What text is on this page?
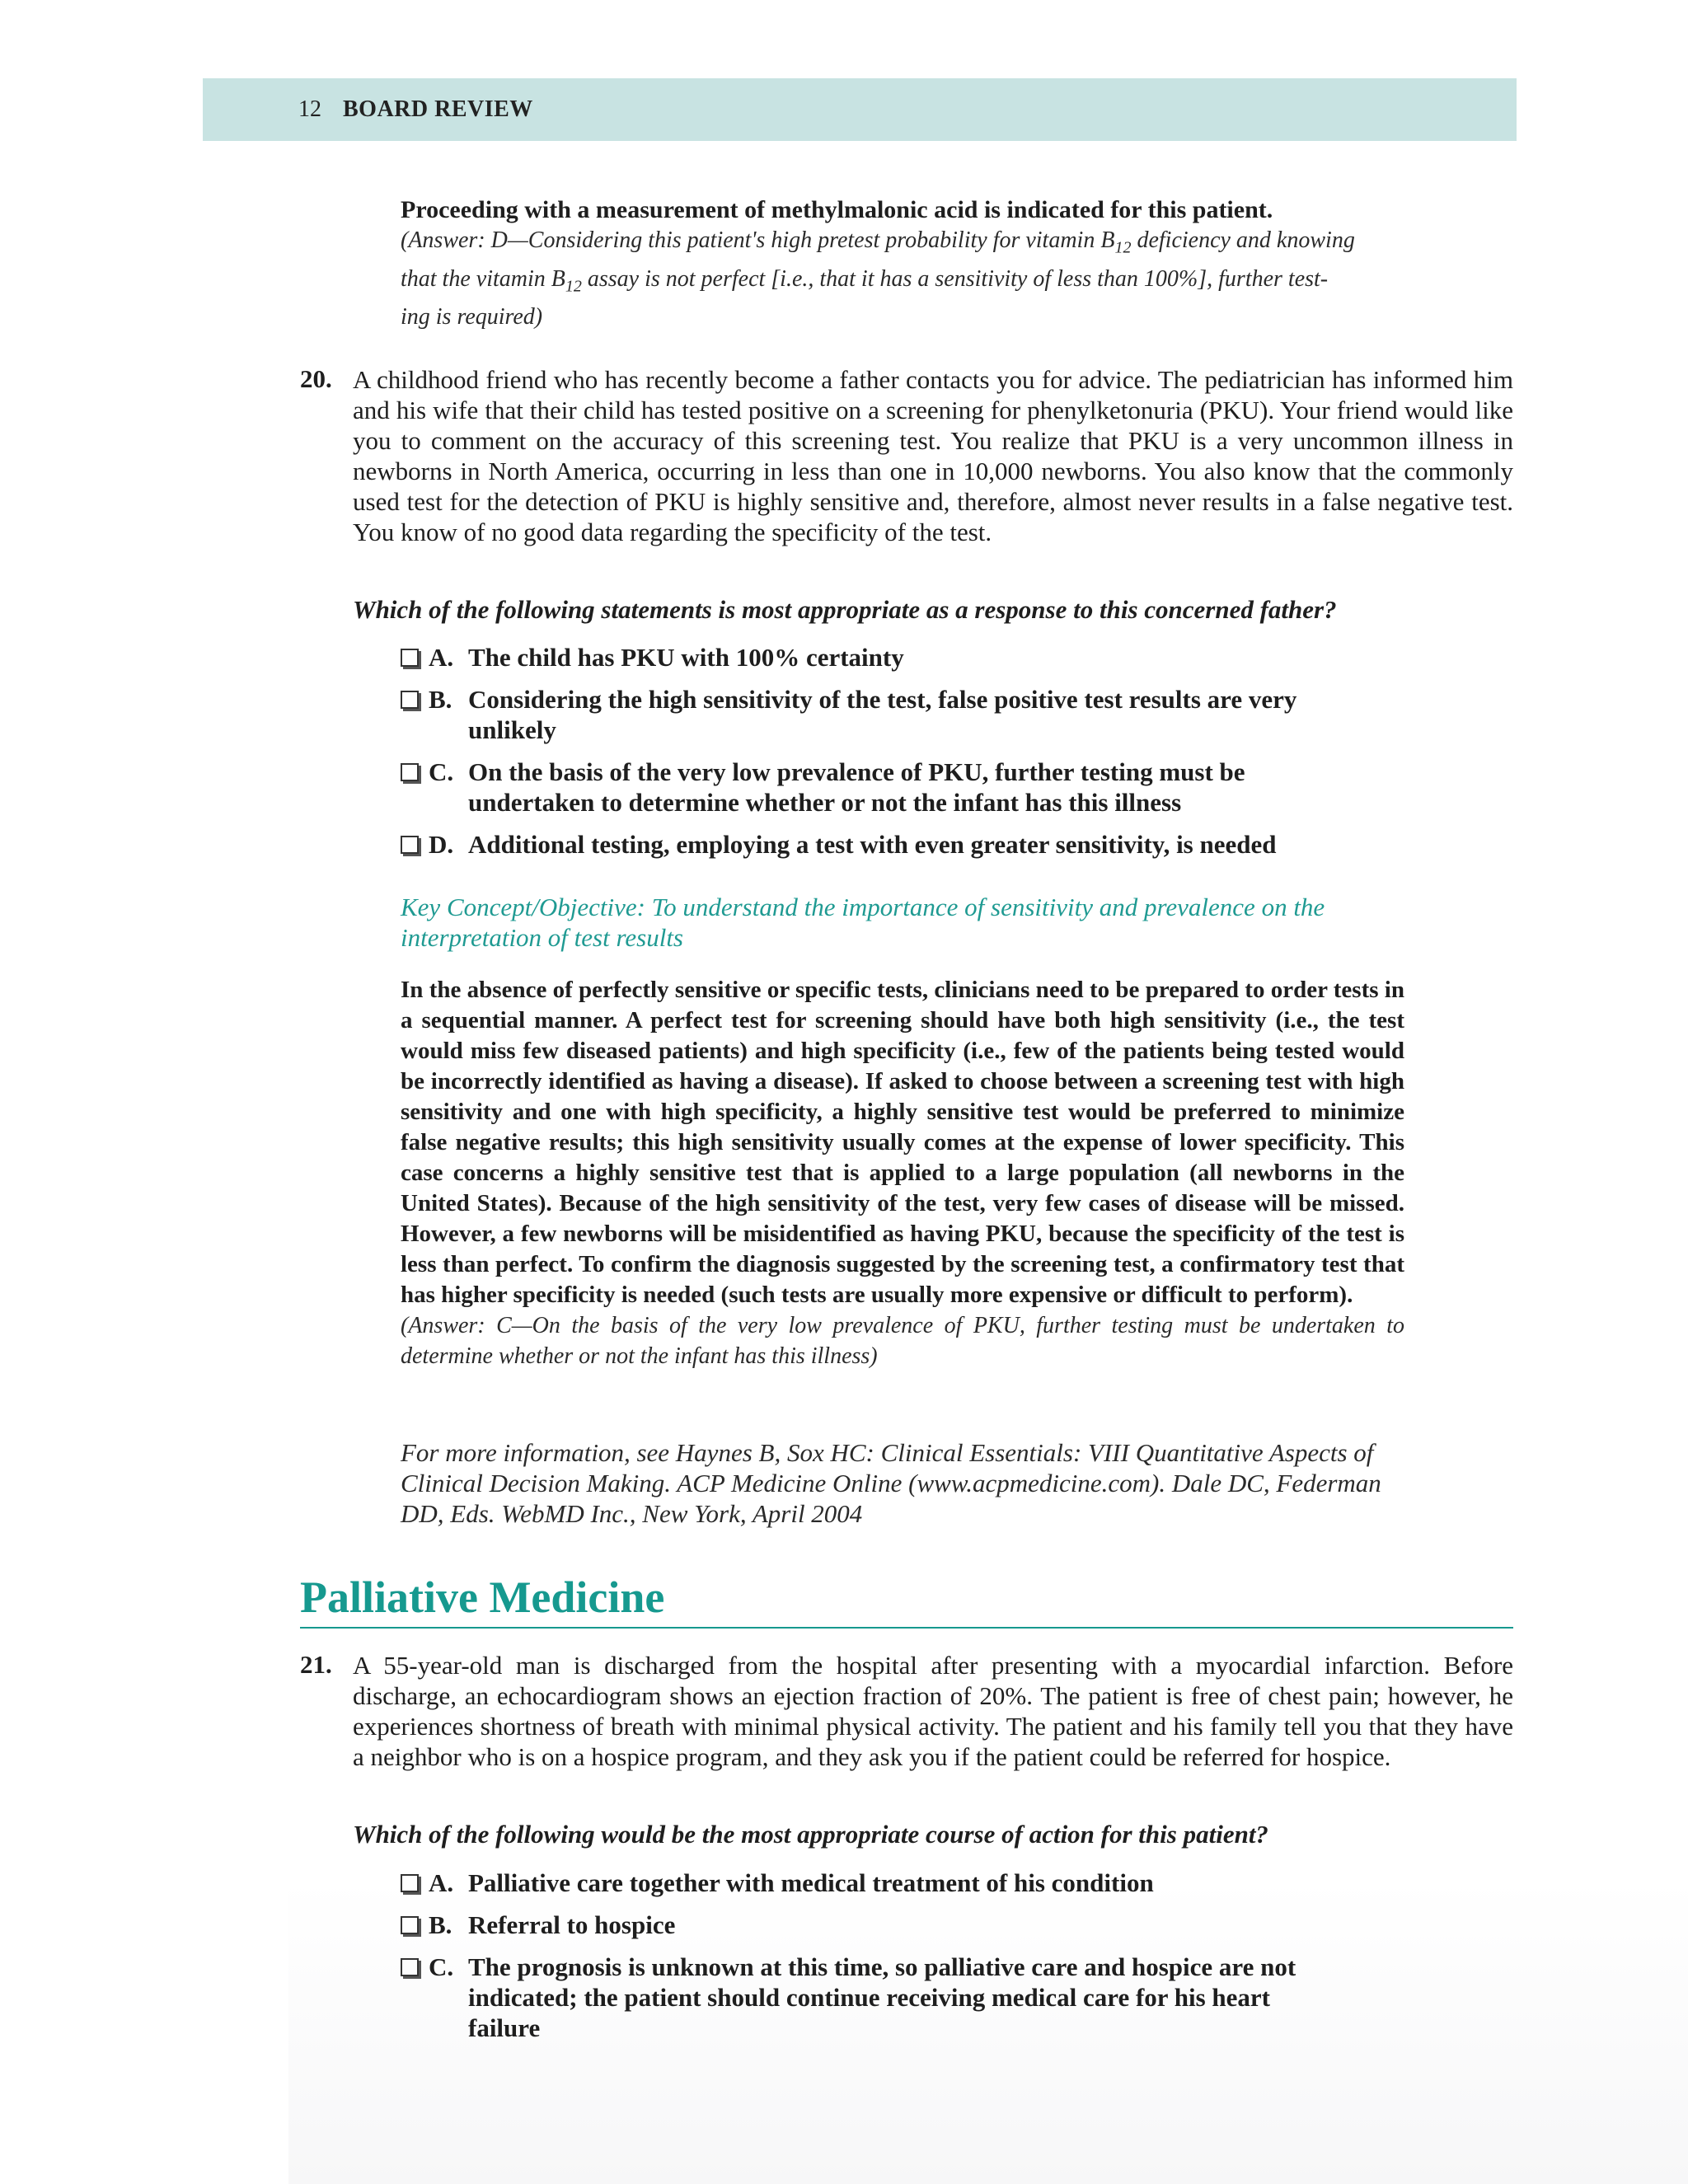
12 BOARD REVIEW

Proceeding with a measurement of methylmalonic acid is indicated for this patient.

(Answer: D—Considering this patient's high pretest probability for vitamin $B_{12}$ deficiency and knowing
that the vitamin $B_{12}$ assay is not perfect [i.e., that it has a sensitivity of less than 100%], further test-
ing is required)
20. A childhood friend who has recently become a father contacts you for advice. The pediatrician has informed him and his wife that their child has tested positive on a screening for phenylketonuria (PKU). Your friend would like you to comment on the accuracy of this screening test. You realize that PKU is a very uncommon illness in newborns in North America, occurring in less than one in 10,000 newborns. You also know that the commonly used test for the detection of PKU is highly sensitive and, therefore, almost never results in a false negative test. You know of no good data regarding the specificity of the test.

Which of the following statements is most appropriate as a response to this concerned father?
A. The child has PKU with 100% certainty
B. Considering the high sensitivity of the test, false positive test results are very unlikely
C. On the basis of the very low prevalence of PKU, further testing must be undertaken to determine whether or not the infant has this illness
D. Additional testing, employing a test with even greater sensitivity, is needed

Key Concept/Objective: To understand the importance of sensitivity and prevalence on the interpretation of test results

In the absence of perfectly sensitive or specific tests, clinicians need to be prepared to order tests in a sequential manner. A perfect test for screening should have both high sensitivity (i.e., the test would miss few diseased patients) and high specificity (i.e., few of the patients being tested would be incorrectly identified as having a disease). If asked to choose between a screening test with high sensitivity and one with high specificity, a highly sensitive test would be preferred to minimize false negative results; this high sensitivity usually comes at the expense of lower specificity. This case concerns a highly sensitive test that is applied to a large population (all newborns in the United States). Because of the high sensitivity of the test, very few cases of disease will be missed. However, a few newborns will be misidentified as having PKU, because the specificity of the test is less than perfect. To confirm the diagnosis suggested by the screening test, a confirmatory test that has higher specificity is needed (such tests are usually more expensive or difficult to perform).

(Answer: C—On the basis of the very low prevalence of PKU, further testing must be undertaken to determine whether or not the infant has this illness)

For more information, see Haynes B, Sox HC: Clinical Essentials: VIII Quantitative Aspects of Clinical Decision Making. ACP Medicine Online (www.acpmedicine.com). Dale DC, Federman DD, Eds. WebMD Inc., New York, April 2004

Palliative Medicine
21. A 55-year-old man is discharged from the hospital after presenting with a myocardial infarction. Before discharge, an echocardiogram shows an ejection fraction of 20%. The patient is free of chest pain; however, he experiences shortness of breath with minimal physical activity. The patient and his family tell you that they have a neighbor who is on a hospice program, and they ask you if the patient could be referred for hospice.

Which of the following would be the most appropriate course of action for this patient?
A. Palliative care together with medical treatment of his condition
B. Referral to hospice
C. The prognosis is unknown at this time, so palliative care and hospice are not indicated; the patient should continue receiving medical care for his heart failure
